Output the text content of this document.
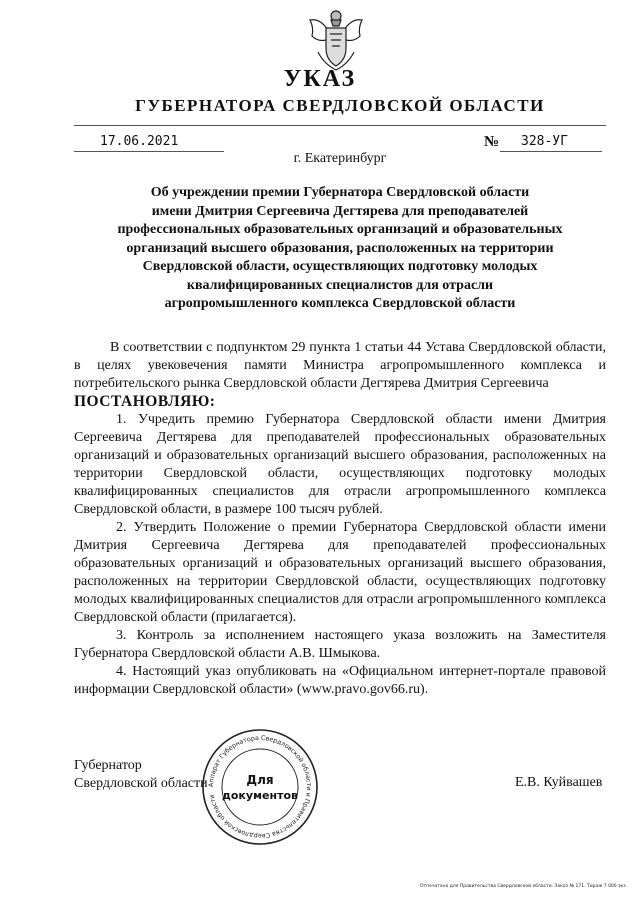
УКАЗ
ГУБЕРНАТОРА СВЕРДЛОВСКОЙ ОБЛАСТИ
17.06.2021	№ 328-УГ
г. Екатеринбург
Об учреждении премии Губернатора Свердловской области
имени Дмитрия Сергеевича Дегтярева для преподавателей
профессиональных образовательных организаций и образовательных
организаций высшего образования, расположенных на территории
Свердловской области, осуществляющих подготовку молодых
квалифицированных специалистов для отрасли
агропромышленного комплекса Свердловской области

В соответствии с подпунктом 29 пункта 1 статьи 44 Устава Свердловской области, в целях увековечения памяти Министра агропромышленного комплекса и потребительского рынка Свердловской области Дегтярева Дмитрия Сергеевича

ПОСТАНОВЛЯЮ:

1. Учредить премию Губернатора Свердловской области имени Дмитрия Сергеевича Дегтярева для преподавателей профессиональных образовательных организаций и образовательных организаций высшего образования, расположенных на территории Свердловской области, осуществляющих подготовку молодых квалифицированных специалистов для отрасли агропромышленного комплекса Свердловской области, в размере 100 тысяч рублей.

2. Утвердить Положение о премии Губернатора Свердловской области имени Дмитрия Сергеевича Дегтярева для преподавателей профессиональных образовательных организаций и образовательных организаций высшего образования, расположенных на территории Свердловской области, осуществляющих подготовку молодых квалифицированных специалистов для отрасли агропромышленного комплекса Свердловской области (прилагается).

3. Контроль за исполнением настоящего указа возложить на Заместителя Губернатора Свердловской области А.В. Шмыкова.

4. Настоящий указ опубликовать на «Официальном интернет-портале правовой информации Свердловской области» (www.pravo.gov66.ru).

Губернатор
Свердловской области	Е.В. Куйвашев
Аппарат Губернатора Свердловской области и Правительства Свердловской области
Для
документов
Отпечатано для Правительства Свердловской области. Заказ № 171. Тираж 7 000 экз.
